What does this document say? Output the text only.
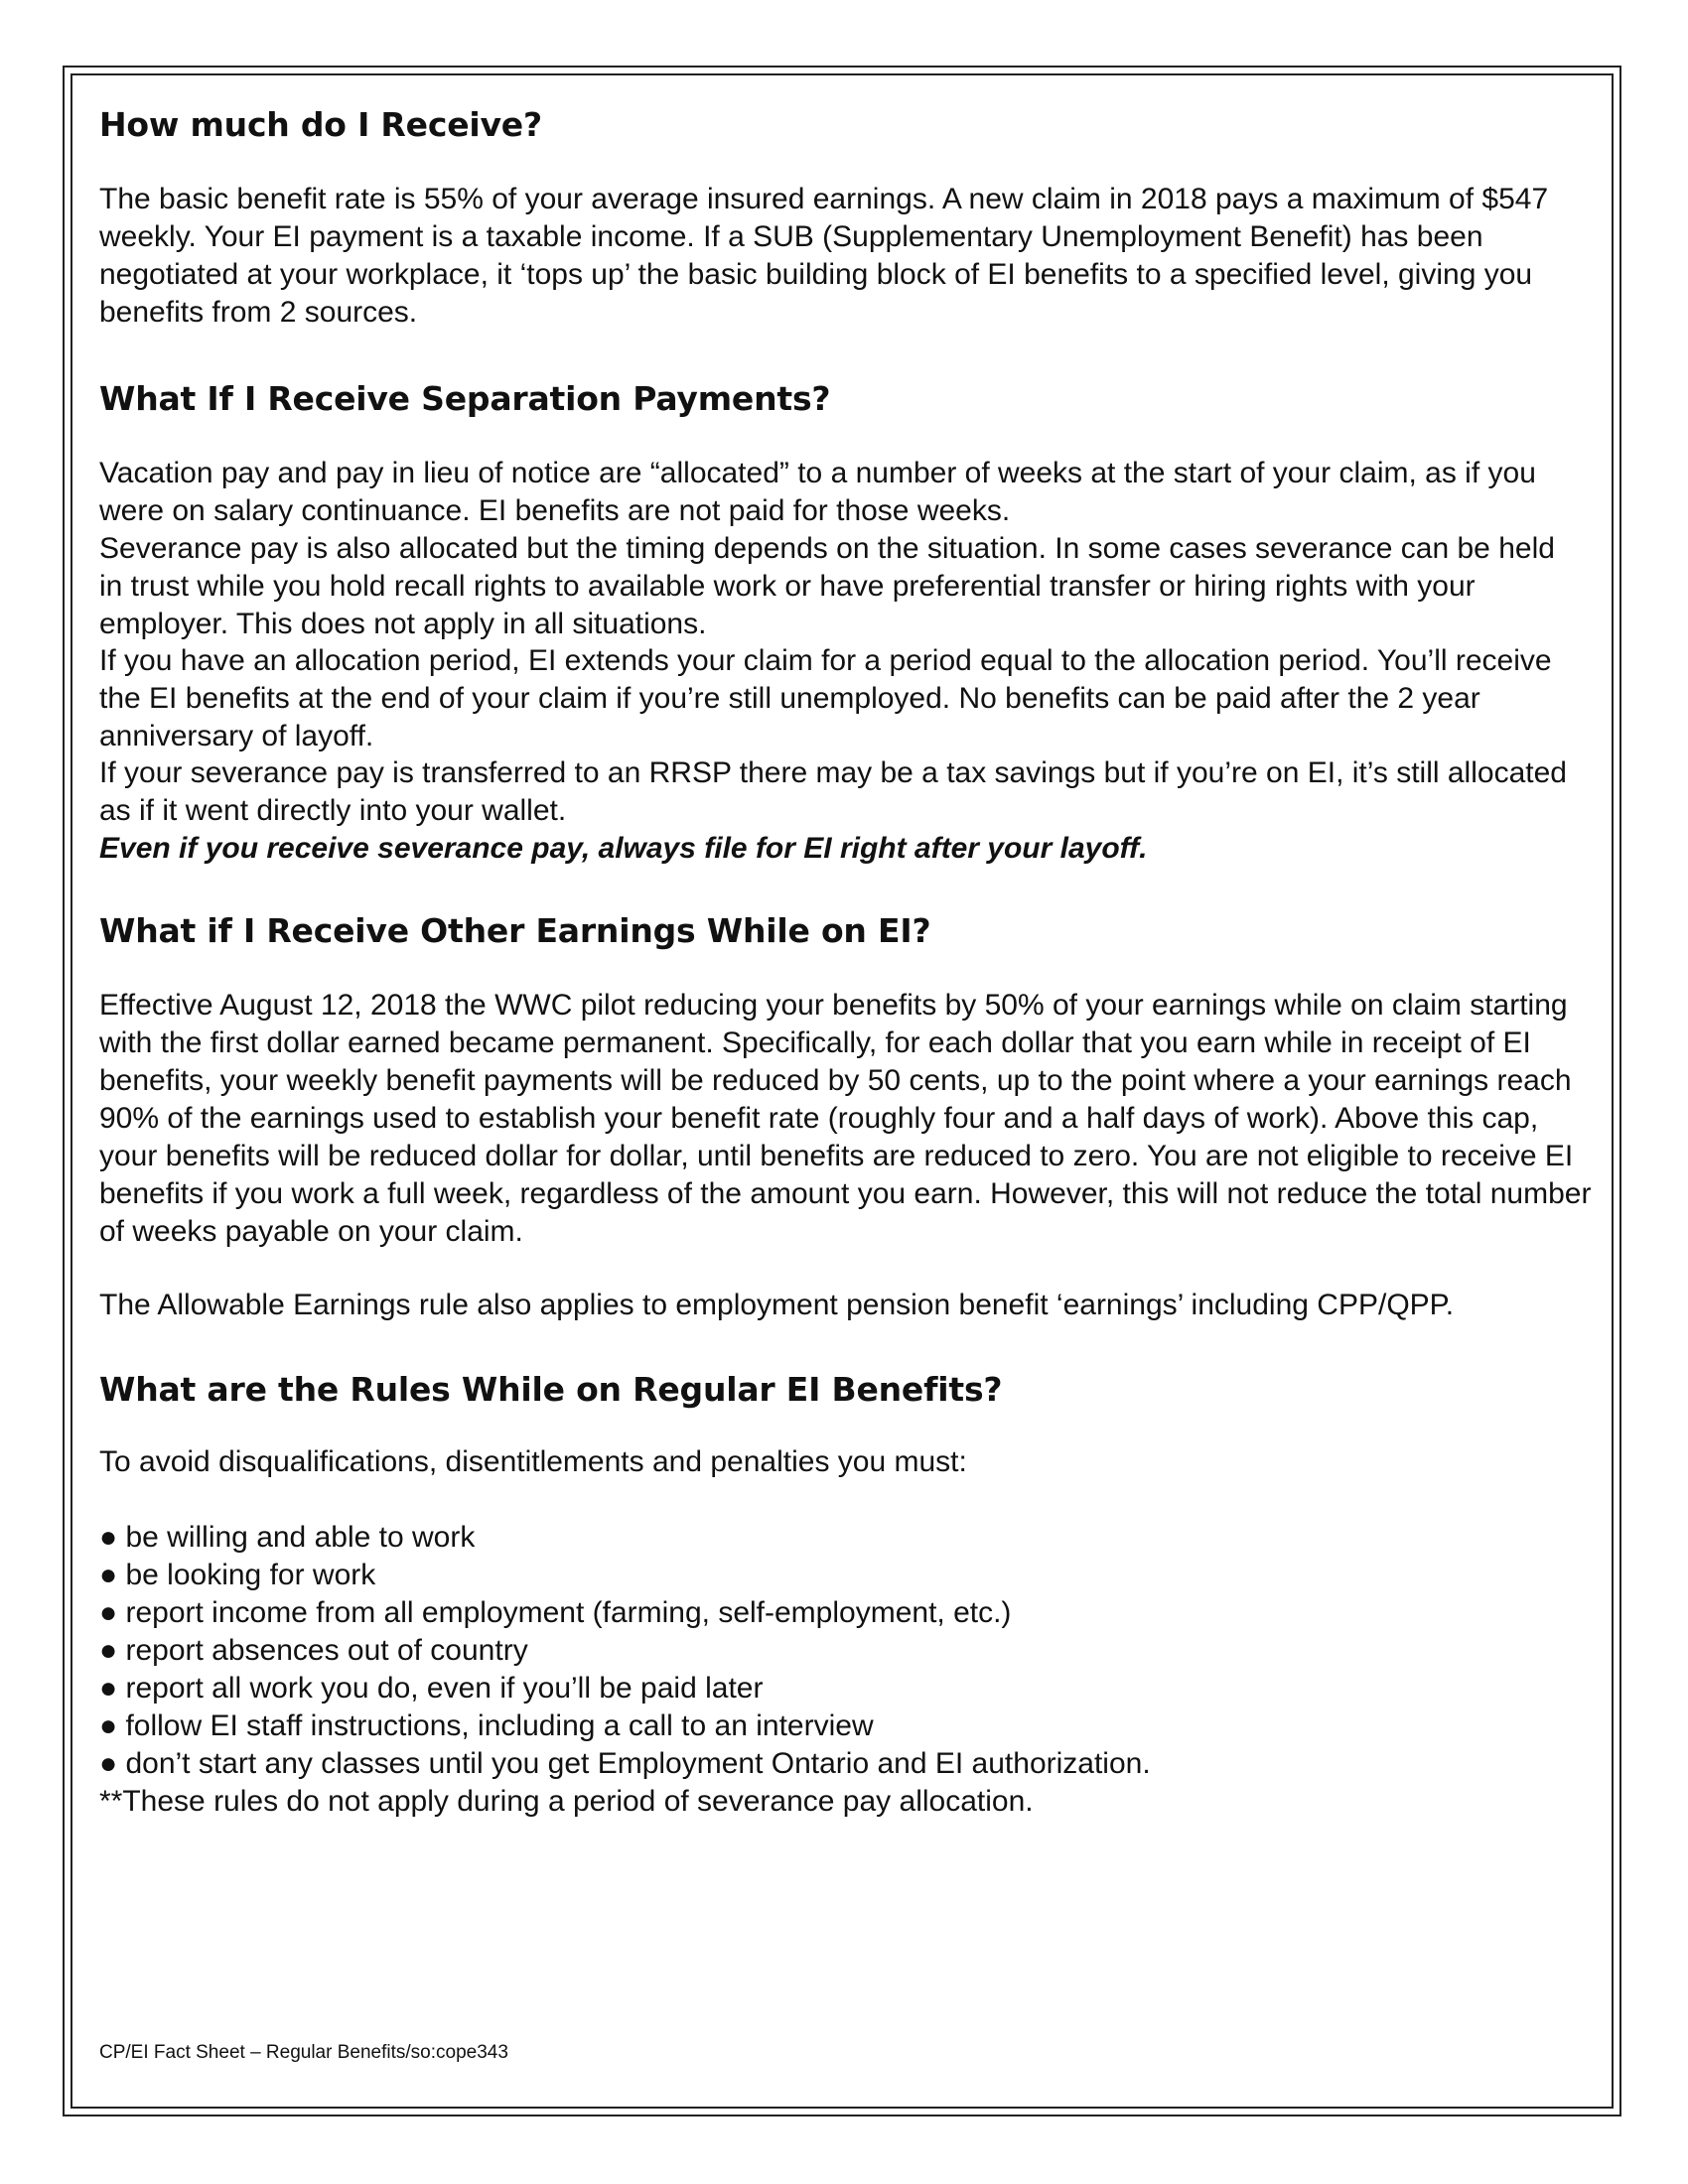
How much do I Receive?

The basic benefit rate is 55% of your average insured earnings. A new claim in 2018 pays a maximum of $547 weekly. Your EI payment is a taxable income. If a SUB (Supplementary Unemployment Benefit) has been negotiated at your workplace, it ‘tops up’ the basic building block of EI benefits to a specified level, giving you benefits from 2 sources.

What If I Receive Separation Payments?

Vacation pay and pay in lieu of notice are “allocated” to a number of weeks at the start of your claim, as if you were on salary continuance. EI benefits are not paid for those weeks.

Severance pay is also allocated but the timing depends on the situation. In some cases severance can be held in trust while you hold recall rights to available work or have preferential transfer or hiring rights with your employer. This does not apply in all situations.

If you have an allocation period, EI extends your claim for a period equal to the allocation period. You’ll receive the EI benefits at the end of your claim if you’re still unemployed. No benefits can be paid after the 2 year anniversary of layoff.

If your severance pay is transferred to an RRSP there may be a tax savings but if you’re on EI, it’s still allocated as if it went directly into your wallet.

Even if you receive severance pay, always file for EI right after your layoff.

What if I Receive Other Earnings While on EI?

Effective August 12, 2018 the WWC pilot reducing your benefits by 50% of your earnings while on claim starting with the first dollar earned became permanent. Specifically, for each dollar that you earn while in receipt of EI benefits, your weekly benefit payments will be reduced by 50 cents, up to the point where a your earnings reach 90% of the earnings used to establish your benefit rate (roughly four and a half days of work). Above this cap, your benefits will be reduced dollar for dollar, until benefits are reduced to zero. You are not eligible to receive EI benefits if you work a full week, regardless of the amount you earn. However, this will not reduce the total number of weeks payable on your claim.

The Allowable Earnings rule also applies to employment pension benefit ‘earnings’ including CPP/QPP.

What are the Rules While on Regular EI Benefits?

To avoid disqualifications, disentitlements and penalties you must:

● be willing and able to work
● be looking for work
● report income from all employment (farming, self-employment, etc.)
● report absences out of country
● report all work you do, even if you’ll be paid later
● follow EI staff instructions, including a call to an interview
● don’t start any classes until you get Employment Ontario and EI authorization.
**These rules do not apply during a period of severance pay allocation.
CP/EI Fact Sheet – Regular Benefits/so:cope343
